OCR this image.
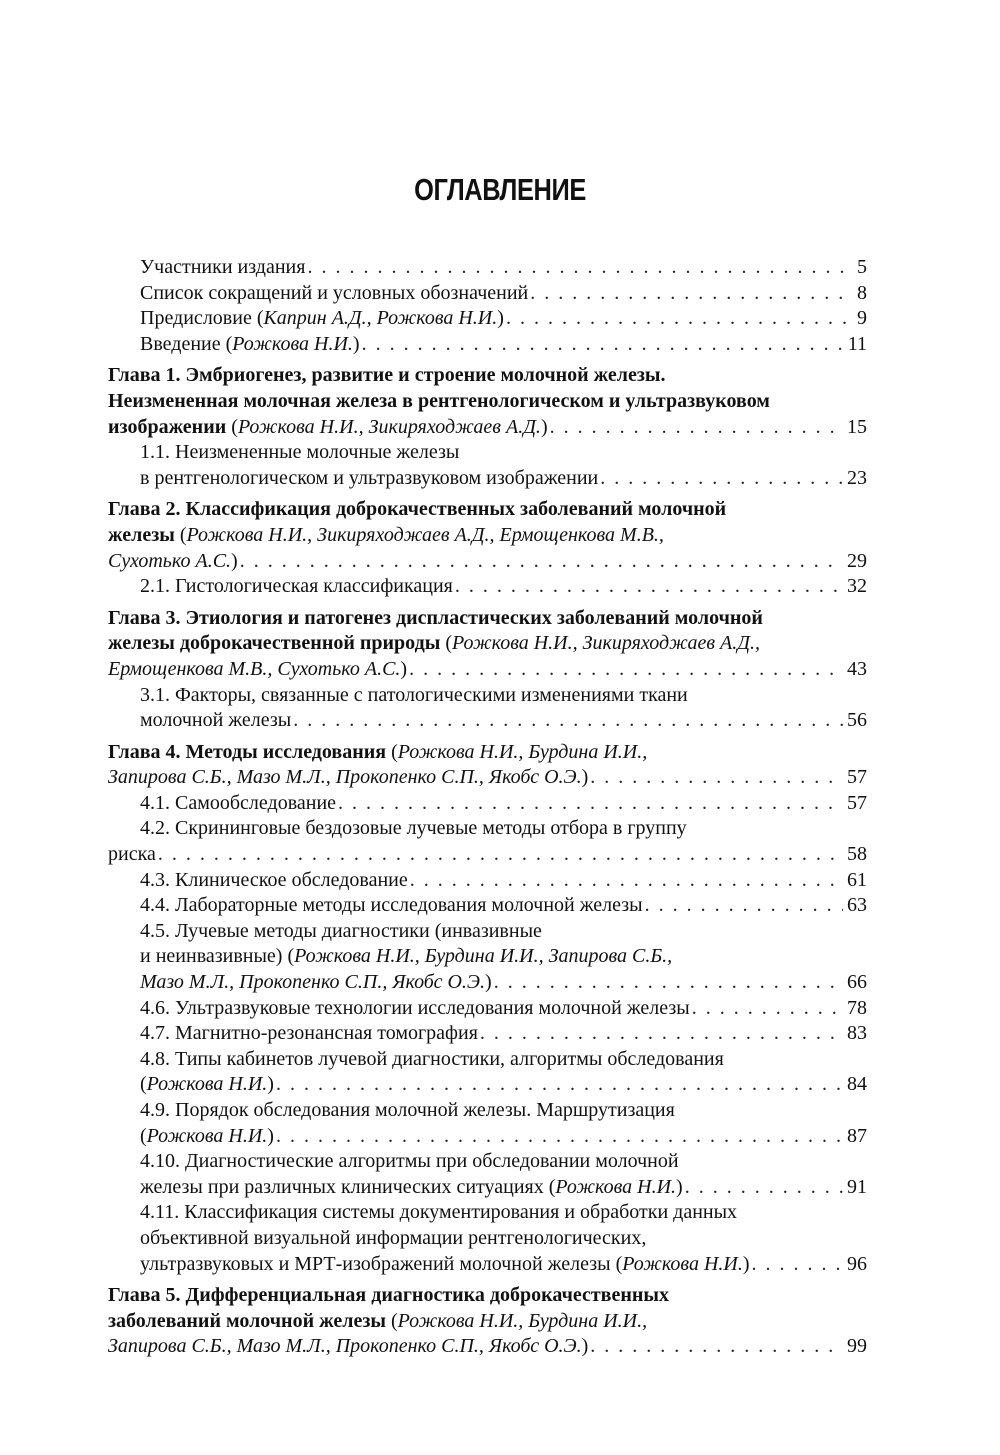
ОГЛАВЛЕНИЕ
Участники издания . . .	5
Список сокращений и условных обозначений . . .	8
Предисловие (Каприн А.Д., Рожкова Н.И.) . . .	9
Введение (Рожкова Н.И.) . . .	11
Глава 1. Эмбриогенез, развитие и строение молочной железы.
Неизмененная молочная железа в рентгенологическом и ультразвуковом
изображении (Рожкова Н.И., Зикиряходжаев А.Д.) . . .	15
1.1. Неизмененные молочные железы
в рентгенологическом и ультразвуковом изображении . . .	23
Глава 2. Классификация доброкачественных заболеваний молочной
железы (Рожкова Н.И., Зикиряходжаев А.Д., Ермощенкова М.В.,
Сухотько А.С.) . . .	29
2.1. Гистологическая классификация . . .	32
Глава 3. Этиология и патогенез диспластических заболеваний молочной
железы доброкачественной природы (Рожкова Н.И., Зикиряходжаев А.Д.,
Ермощенкова М.В., Сухотько А.С.) . . .	43
3.1. Факторы, связанные с патологическими изменениями ткани
молочной железы . . .	56
Глава 4. Методы исследования (Рожкова Н.И., Бурдина И.И.,
Запирова С.Б., Мазо М.Л., Прокопенко С.П., Якобс О.Э.) . . .	57
4.1. Самообследование . . .	57
4.2. Скрининговые бездозовые лучевые методы отбора в группу
риска . . .	58
4.3. Клиническое обследование . . .	61
4.4. Лабораторные методы исследования молочной железы . . .	63
4.5. Лучевые методы диагностики (инвазивные
и неинвазивные) (Рожкова Н.И., Бурдина И.И., Запирова С.Б.,
Мазо М.Л., Прокопенко С.П., Якобс О.Э.) . . .	66
4.6. Ультразвуковые технологии исследования молочной железы . . .	78
4.7. Магнитно-резонансная томография . . .	83
4.8. Типы кабинетов лучевой диагностики, алгоритмы обследования
(Рожкова Н.И.) . . .	84
4.9. Порядок обследования молочной железы. Маршрутизация
(Рожкова Н.И.) . . .	87
4.10. Диагностические алгоритмы при обследовании молочной
железы при различных клинических ситуациях (Рожкова Н.И.) . . .	91
4.11. Классификация системы документирования и обработки данных
объективной визуальной информации рентгенологических,
ультразвуковых и МРТ-изображений молочной железы (Рожкова Н.И.) . . .	96
Глава 5. Дифференциальная диагностика доброкачественных
заболеваний молочной железы (Рожкова Н.И., Бурдина И.И.,
Запирова С.Б., Мазо М.Л., Прокопенко С.П., Якобс О.Э.) . . .	99
